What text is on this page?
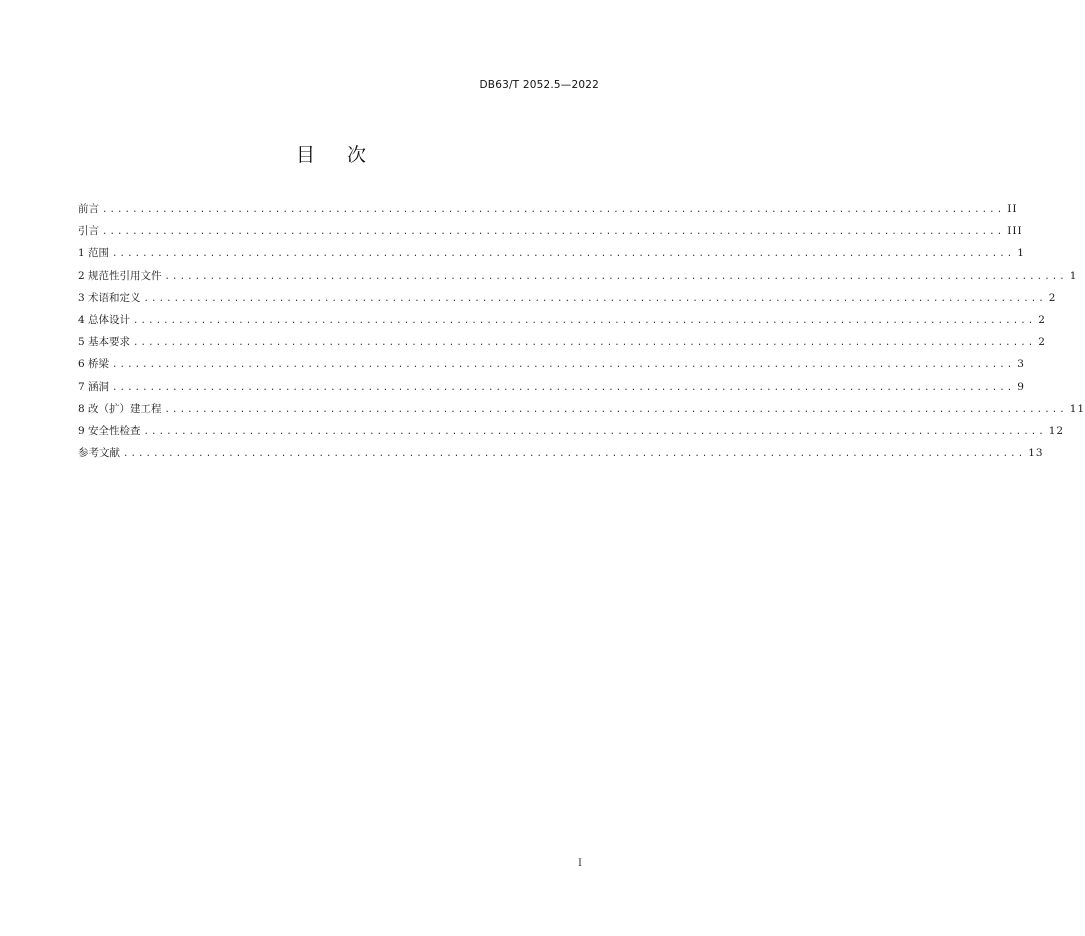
DB63/T 2052.5—2022
目次
前言 ........................................................................................................................ II
引言 ........................................................................................................................ III
1 范围 ........................................................................................................................ 1
2 规范性引用文件 ........................................................................................................................ 1
3 术语和定义 ........................................................................................................................ 2
4 总体设计 ........................................................................................................................ 2
5 基本要求 ........................................................................................................................ 2
6 桥梁 ........................................................................................................................ 3
7 涵洞 ........................................................................................................................ 9
8 改（扩）建工程 ........................................................................................................................ 11
9 安全性检查 ........................................................................................................................ 12
参考文献 ........................................................................................................................ 13
I
